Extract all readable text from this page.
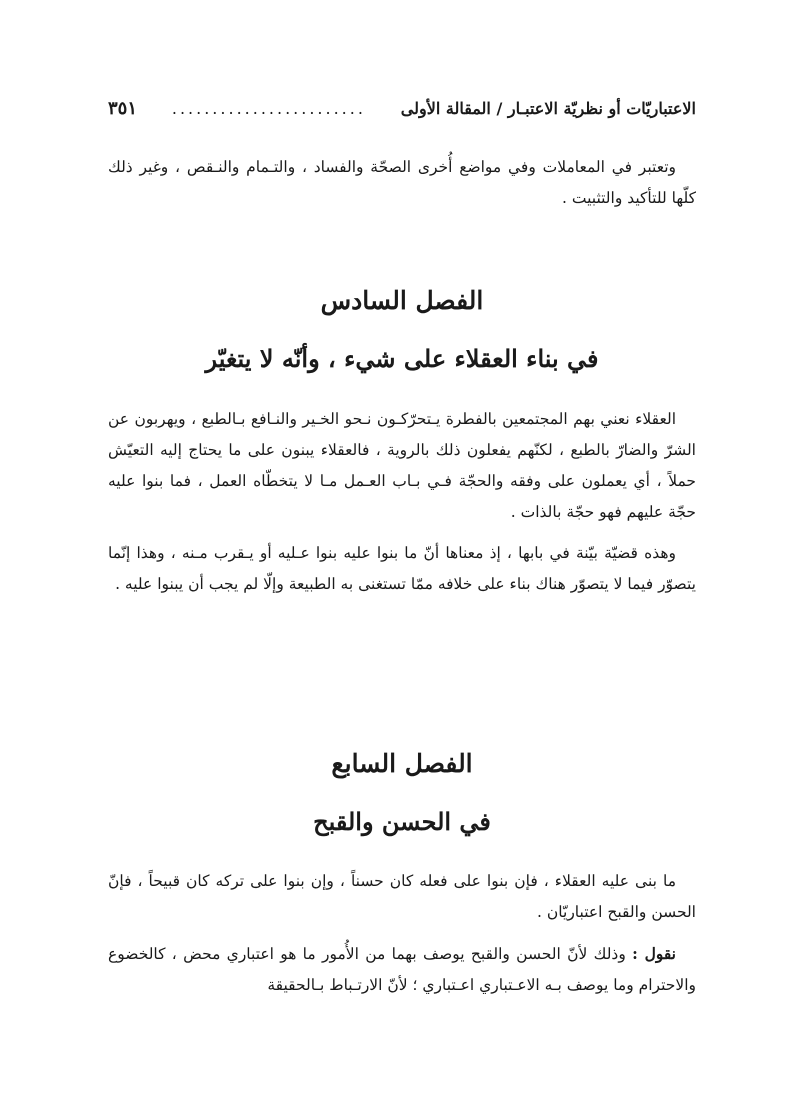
الاعتباريّات أو نظريّة الاعتبـار / المقالة الأولى
........................
٣٥١

وتعتبر في المعاملات وفي مواضع أُخرى الصحّة والفساد ، والتـمام والنـقص ، وغير ذلك كلّها للتأكيد والتثبيت .

الفصل السادس
في بناء العقلاء على شيء ، وأنّه لا يتغيّر

العقلاء نعني بهم المجتمعين بالفطرة يـتحرّكـون نـحو الخـير والنـافع بـالطبع ، ويهربون عن الشرّ والضارّ بالطبع ، لكنّهم يفعلون ذلك بالروية ، فالعقلاء يبنون على ما يحتاج إليه التعيّش حملاً ، أي يعملون على وفقه والحجّة فـي بـاب العـمل مـا لا يتخطّاه العمل ، فما بنوا عليه حجّة عليهم فهو حجّة بالذات .

وهذه قضيّة بيّنة في بابها ، إذ معناها أنّ ما بنوا عليه بنوا عـليه أو يـقرب مـنه ، وهذا إنّما يتصوّر فيما لا يتصوّر هناك بناء على خلافه ممّا تستغنى به الطبيعة وإلّا لم يجب أن يبنوا عليه .

الفصل السابع
في الحسن والقبح

ما بنى عليه العقلاء ، فإن بنوا على فعله كان حسناً ، وإن بنوا على تركه كان قبيحاً ، فإنّ الحسن والقبح اعتباريّان .

نقول : وذلك لأنّ الحسن والقبح يوصف بهما من الأُمور ما هو اعتباري محض ، كالخضوع والاحترام وما يوصف بـه الاعـتباري اعـتباري ؛ لأنّ الارتـباط بـالحقيقة
